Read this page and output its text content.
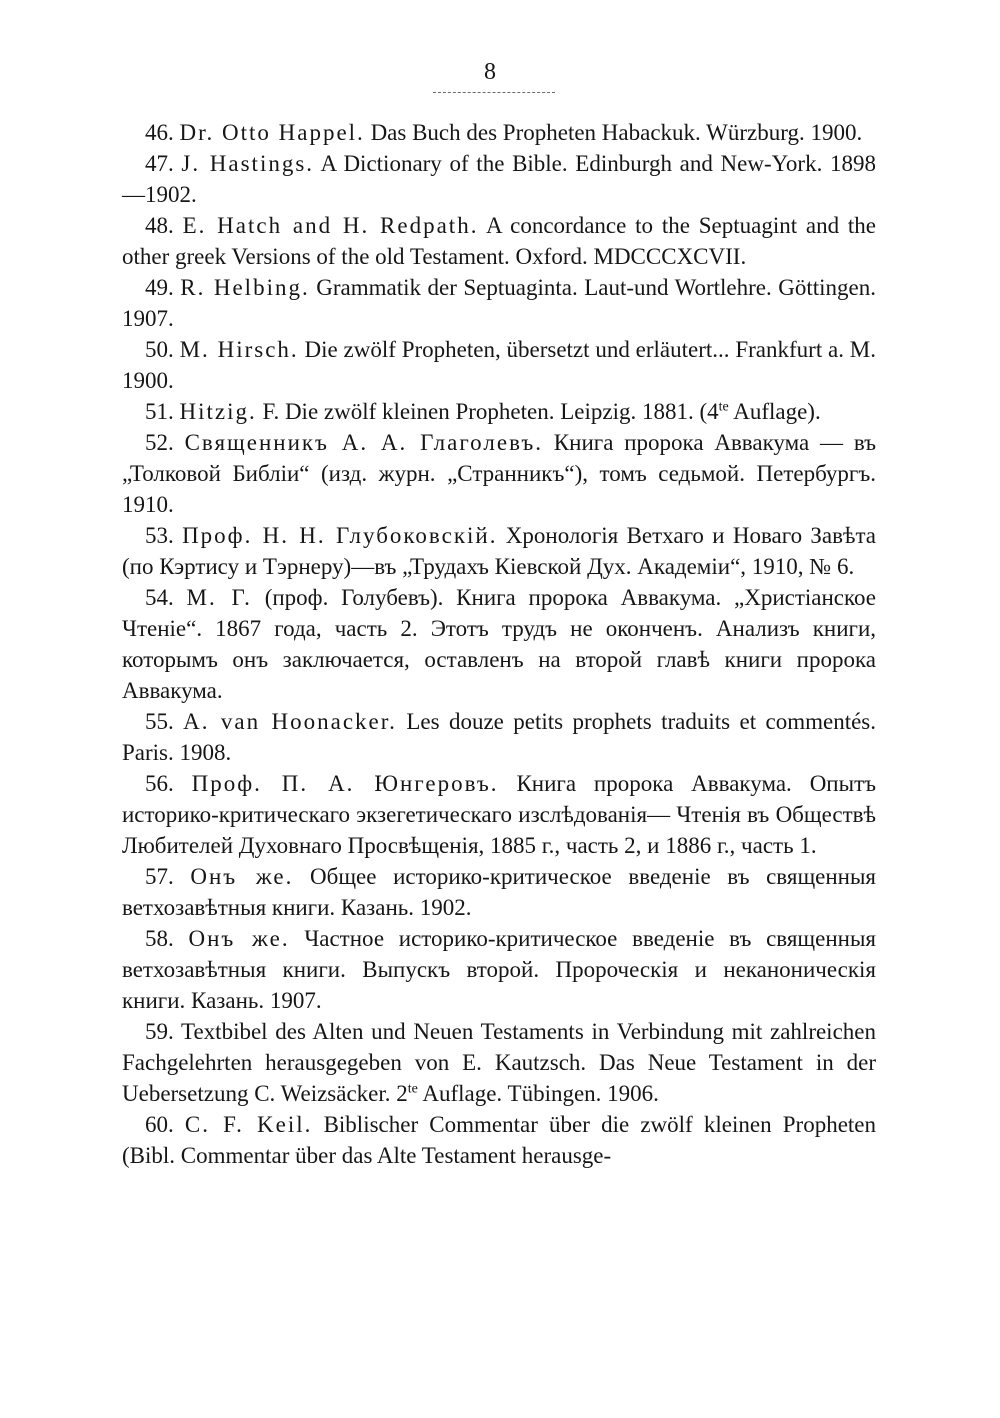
8

46. Dr. Otto Happel. Das Buch des Propheten Habackuk. Würzburg. 1900.

47. J. Hastings. A Dictionary of the Bible. Edinburgh and New-York. 1898—1902.

48. E. Hatch and H. Redpath. A concordance to the Septuagint and the other greek Versions of the old Testament. Oxford. MDCCCXCVII.

49. R. Helbing. Grammatik der Septuaginta. Laut-und Wortlehre. Göttingen. 1907.

50. M. Hirsch. Die zwölf Propheten, übersetzt und erläutert... Frankfurt a. M. 1900.

51. Hitzig. F. Die zwölf kleinen Propheten. Leipzig. 1881. ($4^{te}$ Auflage).

52. Священникъ А. А. Глаголевъ. Книга пророка Аввакума — въ „Толковой Библіи“ (изд. журн. „Странникъ“), томъ седьмой. Петербургъ. 1910.

53. Проф. Н. Н. Глубоковскій. Хронологія Ветхаго и Новаго Завѣта (по Кэртису и Тэрнеру)—въ „Трудахъ Кіевской Дух. Академіи“, 1910, № 6.

54. М. Г. (проф. Голубевъ). Книга пророка Аввакума. „Христіанское Чтеніе“. 1867 года, часть 2. Этотъ трудъ не оконченъ. Анализъ книги, которымъ онъ заключается, оставленъ на второй главѣ книги пророка Аввакума.

55. A. van Hoonacker. Les douze petits prophets traduits et commentés. Paris. 1908.

56. Проф. П. А. Юнгеровъ. Книга пророка Аввакума. Опытъ историко-критическаго экзегетическаго изслѣдованія— Чтенія въ Обществѣ Любителей Духовнаго Просвѣщенія, 1885 г., часть 2, и 1886 г., часть 1.

57. Онъ же. Общее историко-критическое введеніе въ священныя ветхозавѣтныя книги. Казань. 1902.

58. Онъ же. Частное историко-критическое введеніе въ священныя ветхозавѣтныя книги. Выпускъ второй. Пророческія и неканоническія книги. Казань. 1907.

59. Textbibel des Alten und Neuen Testaments in Verbindung mit zahlreichen Fachgelehrten herausgegeben von E. Kautzsch. Das Neue Testament in der Uebersetzung C. Weizsäcker. $2^{te}$ Auflage. Tübingen. 1906.

60. C. F. Keil. Biblischer Commentar über die zwölf kleinen Propheten (Bibl. Commentar über das Alte Testament herausge-
